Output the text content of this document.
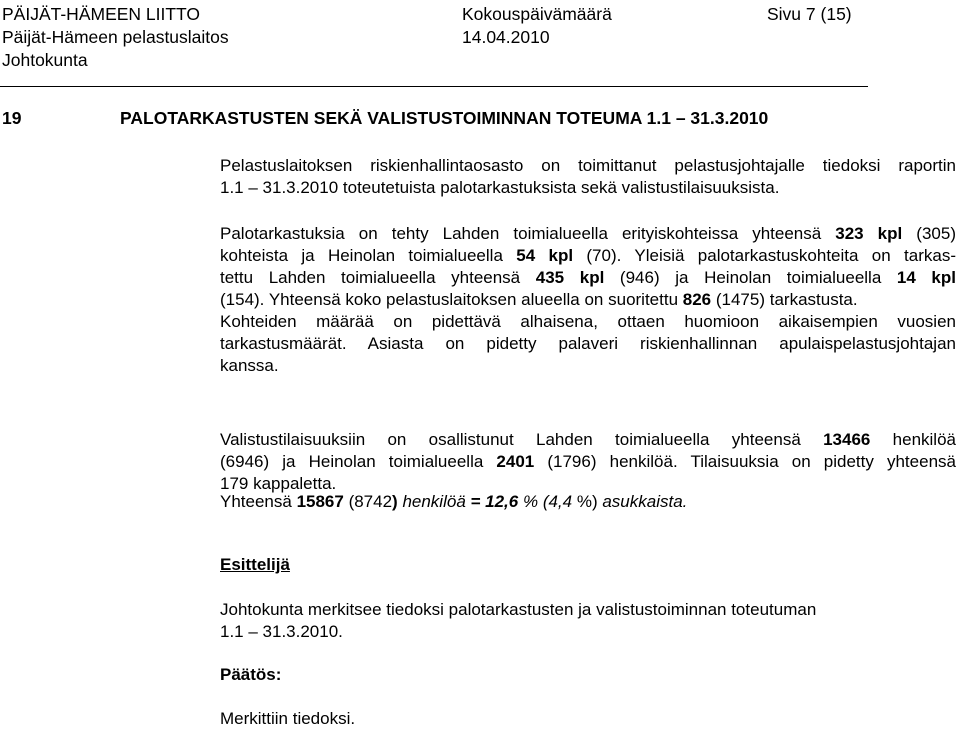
PÄIJÄT-HÄMEEN LIITTO
Päijät-Hämeen pelastuslaitos
Johtokunta
Kokouspäivämäärä
14.04.2010
Sivu 7 (15)
19	PALOTARKASTUSTEN SEKÄ VALISTUSTOIMINNAN TOTEUMA 1.1 – 31.3.2010
Pelastuslaitoksen riskienhallintaosasto on toimittanut pelastusjohtajalle tiedoksi raportin
1.1 – 31.3.2010 toteutetuista palotarkastuksista sekä valistustilaisuuksista.
Palotarkastuksia on tehty Lahden toimialueella erityiskohteissa yhteensä 323 kpl (305)
kohteista ja Heinolan toimialueella 54 kpl (70). Yleisiä palotarkastuskohteita on tarkas-
tettu Lahden toimialueella yhteensä 435 kpl (946) ja Heinolan toimialueella 14 kpl
(154). Yhteensä koko pelastuslaitoksen alueella on suoritettu 826 (1475) tarkastusta.
Kohteiden määrää on pidettävä alhaisena, ottaen huomioon aikaisempien vuosien
tarkastusmäärät. Asiasta on pidetty palaveri riskienhallinnan apulaispelastusjohtajan
kanssa.
Valistustilaisuuksiin on osallistunut Lahden toimialueella yhteensä 13466 henkilöä
(6946) ja Heinolan toimialueella 2401 (1796) henkilöä. Tilaisuuksia on pidetty yhteensä
179 kappaletta.
Yhteensä 15867 (8742) henkilöä = 12,6 % (4,4 %) asukkaista.
Esittelijä
Johtokunta merkitsee tiedoksi palotarkastusten ja valistustoiminnan toteutuman
1.1 – 31.3.2010.
Päätös:
Merkittiin tiedoksi.
